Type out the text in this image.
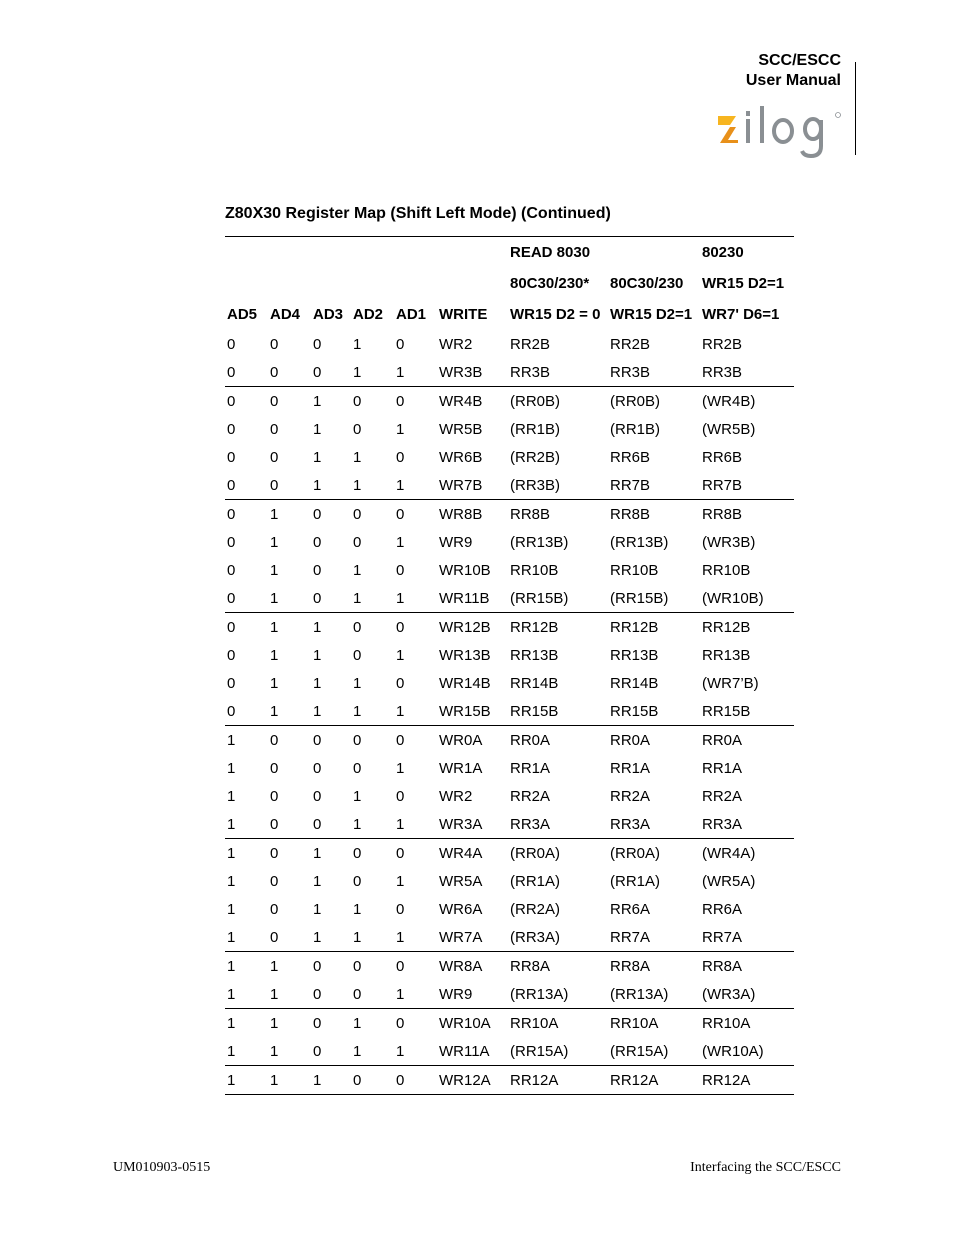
SCC/ESCC
User Manual
Z80X30 Register Map (Shift Left Mode) (Continued)
						READ 8030		80230
						80C30/230*	80C30/230	WR15 D2=1
AD5	AD4	AD3	AD2	AD1	WRITE	WR15 D2 = 0	WR15 D2=1	WR7' D6=1
0	0	0	1	0	WR2	RR2B	RR2B	RR2B
0	0	0	1	1	WR3B	RR3B	RR3B	RR3B
0	0	1	0	0	WR4B	(RR0B)	(RR0B)	(WR4B)
0	0	1	0	1	WR5B	(RR1B)	(RR1B)	(WR5B)
0	0	1	1	0	WR6B	(RR2B)	RR6B	RR6B
0	0	1	1	1	WR7B	(RR3B)	RR7B	RR7B
0	1	0	0	0	WR8B	RR8B	RR8B	RR8B
0	1	0	0	1	WR9	(RR13B)	(RR13B)	(WR3B)
0	1	0	1	0	WR10B	RR10B	RR10B	RR10B
0	1	0	1	1	WR11B	(RR15B)	(RR15B)	(WR10B)
0	1	1	0	0	WR12B	RR12B	RR12B	RR12B
0	1	1	0	1	WR13B	RR13B	RR13B	RR13B
0	1	1	1	0	WR14B	RR14B	RR14B	(WR7’B)
0	1	1	1	1	WR15B	RR15B	RR15B	RR15B
1	0	0	0	0	WR0A	RR0A	RR0A	RR0A
1	0	0	0	1	WR1A	RR1A	RR1A	RR1A
1	0	0	1	0	WR2	RR2A	RR2A	RR2A
1	0	0	1	1	WR3A	RR3A	RR3A	RR3A
1	0	1	0	0	WR4A	(RR0A)	(RR0A)	(WR4A)
1	0	1	0	1	WR5A	(RR1A)	(RR1A)	(WR5A)
1	0	1	1	0	WR6A	(RR2A)	RR6A	RR6A
1	0	1	1	1	WR7A	(RR3A)	RR7A	RR7A
1	1	0	0	0	WR8A	RR8A	RR8A	RR8A
1	1	0	0	1	WR9	(RR13A)	(RR13A)	(WR3A)
1	1	0	1	0	WR10A	RR10A	RR10A	RR10A
1	1	0	1	1	WR11A	(RR15A)	(RR15A)	(WR10A)
1	1	1	0	0	WR12A	RR12A	RR12A	RR12A
UM010903-0515	Interfacing the SCC/ESCC
